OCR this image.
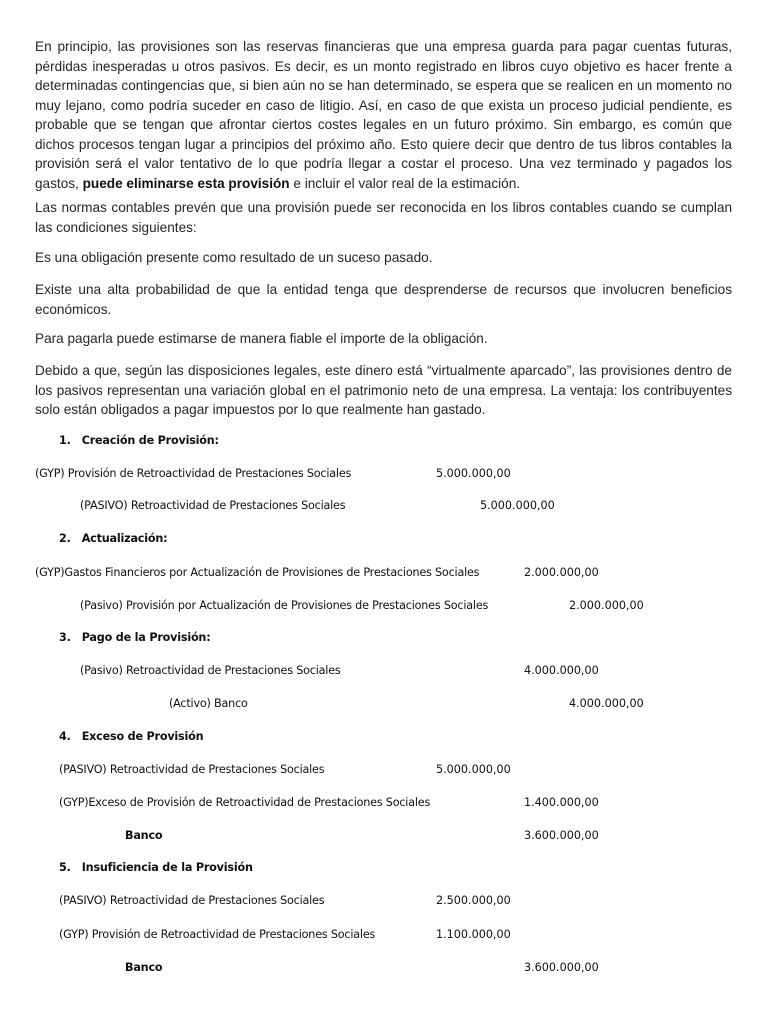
En principio, las provisiones son las reservas financieras que una empresa guarda para pagar cuentas futuras, pérdidas inesperadas u otros pasivos. Es decir, es un monto registrado en libros cuyo objetivo es hacer frente a determinadas contingencias que, si bien aún no se han determinado, se espera que se realicen en un momento no muy lejano, como podría suceder en caso de litigio. Así, en caso de que exista un proceso judicial pendiente, es probable que se tengan que afrontar ciertos costes legales en un futuro próximo. Sin embargo, es común que dichos procesos tengan lugar a principios del próximo año. Esto quiere decir que dentro de tus libros contables la provisión será el valor tentativo de lo que podría llegar a costar el proceso. Una vez terminado y pagados los gastos, puede eliminarse esta provisión e incluir el valor real de la estimación.

Las normas contables prevén que una provisión puede ser reconocida en los libros contables cuando se cumplan las condiciones siguientes:

Es una obligación presente como resultado de un suceso pasado.

Existe una alta probabilidad de que la entidad tenga que desprenderse de recursos que involucren beneficios económicos.

Para pagarla puede estimarse de manera fiable el importe de la obligación.

Debido a que, según las disposiciones legales, este dinero está “virtualmente aparcado”, las provisiones dentro de los pasivos representan una variación global en el patrimonio neto de una empresa. La ventaja: los contribuyentes solo están obligados a pagar impuestos por lo que realmente han gastado.

1.   Creación de Provisión:
(GYP) Provisión de Retroactividad de Prestaciones Sociales	5.000.000,00
(PASIVO) Retroactividad de Prestaciones Sociales	5.000.000,00
2.   Actualización:
(GYP)Gastos Financieros por Actualización de Provisiones de Prestaciones Sociales	2.000.000,00
(Pasivo) Provisión por Actualización de Provisiones de Prestaciones Sociales	2.000.000,00
3.   Pago de la Provisión:
(Pasivo) Retroactividad de Prestaciones Sociales	4.000.000,00
(Activo) Banco	4.000.000,00
4.   Exceso de Provisión
(PASIVO) Retroactividad de Prestaciones Sociales	5.000.000,00
(GYP)Exceso de Provisión de Retroactividad de Prestaciones Sociales	1.400.000,00
Banco	3.600.000,00
5.   Insuficiencia de la Provisión
(PASIVO) Retroactividad de Prestaciones Sociales	2.500.000,00
(GYP) Provisión de Retroactividad de Prestaciones Sociales	1.100.000,00
Banco	3.600.000,00
